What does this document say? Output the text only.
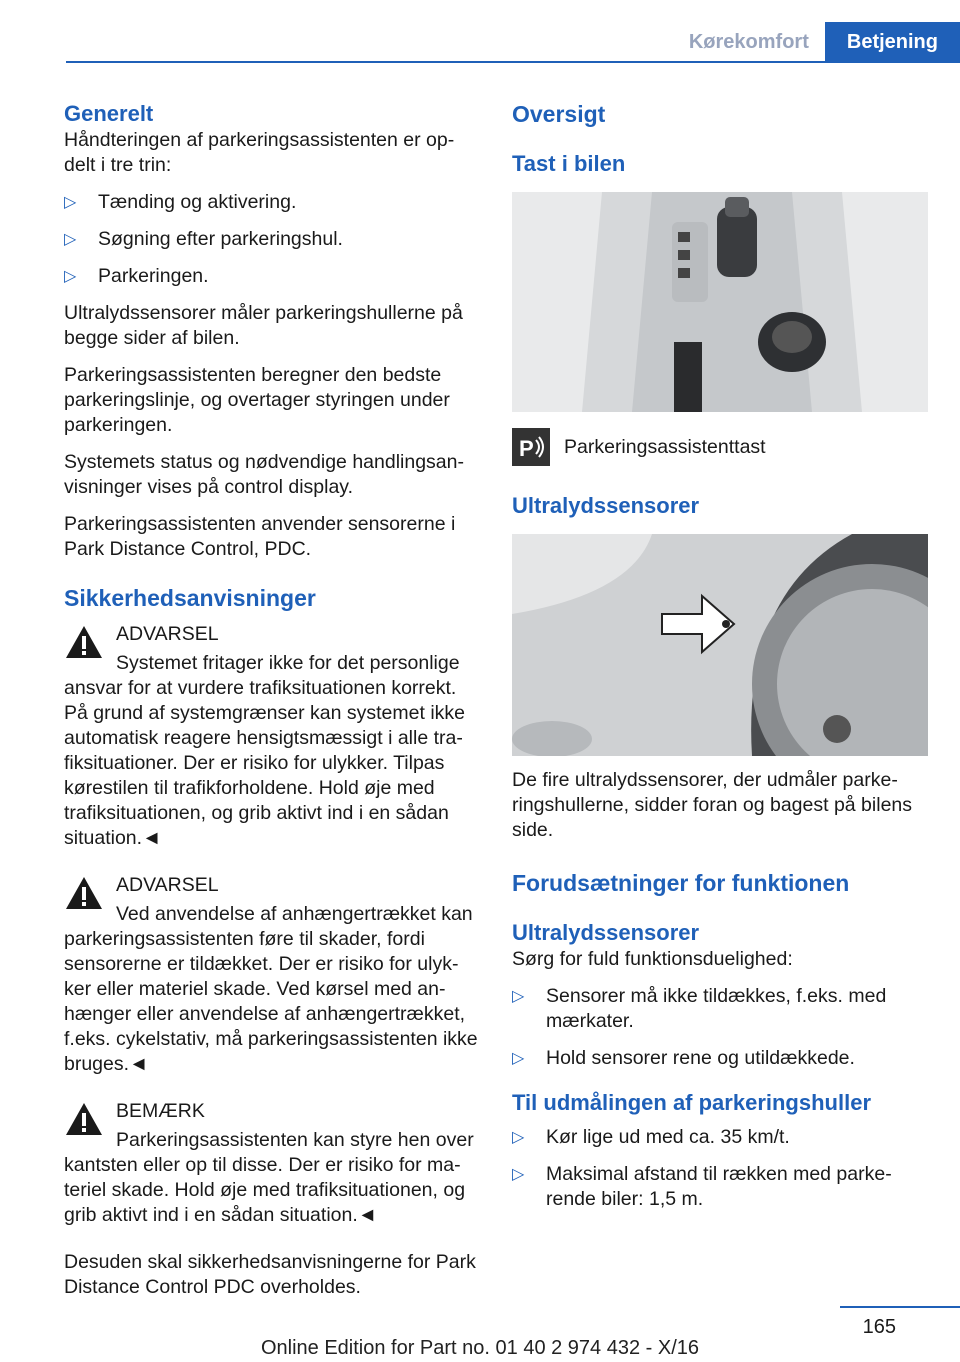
Kørekomfort	Betjening
Generelt

Håndteringen af parkeringsassistenten er op-delt i tre trin:

▷ Tænding og aktivering.
▷ Søgning efter parkeringshul.
▷ Parkeringen.

Ultralydssensorer måler parkeringshullerne på begge sider af bilen.

Parkeringsassistenten beregner den bedste parkeringslinje, og overtager styringen under parkeringen.

Systemets status og nødvendige handlingsan-visninger vises på control display.

Parkeringsassistenten anvender sensorerne i Park Distance Control, PDC.

Sikkerhedsanvisninger
ADVARSEL
Systemet fritager ikke for det personlige ansvar for at vurdere trafiksituationen korrekt. På grund af systemgrænser kan systemet ikke automatisk reagere hensigtsmæssigt i alle tra-fiksituationer. Der er risiko for ulykker. Tilpas kørestilen til trafikforholdene. Hold øje med trafiksituationen, og grib aktivt ind i en sådan situation.◄
ADVARSEL
Ved anvendelse af anhængertrækket kan parkeringsassistenten føre til skader, fordi sensorerne er tildækket. Der er risiko for ulyk-ker eller materiel skade. Ved kørsel med an-hænger eller anvendelse af anhængertrækket, f.eks. cykelstativ, må parkeringsassistenten ikke bruges.◄
BEMÆRK
Parkeringsassistenten kan styre hen over kantsten eller op til disse. Der er risiko for ma-teriel skade. Hold øje med trafiksituationen, og grib aktivt ind i en sådan situation.◄

Desuden skal sikkerhedsanvisningerne for Park Distance Control PDC overholdes.

Oversigt
Tast i bilen
P Parkeringsassistenttast
Ultralydssensorer

De fire ultralydssensorer, der udmåler parke-ringshullerne, sidder foran og bagest på bilens side.

Forudsætninger for funktionen
Ultralydssensorer

Sørg for fuld funktionsduelighed:

▷ Sensorer må ikke tildækkes, f.eks. med mærkater.
▷ Hold sensorer rene og utildækkede.
Til udmålingen af parkeringshuller
▷ Kør lige ud med ca. 35 km/t.
▷ Maksimal afstand til rækken med parke-rende biler: 1,5 m.
165
Online Edition for Part no. 01 40 2 974 432 - X/16
